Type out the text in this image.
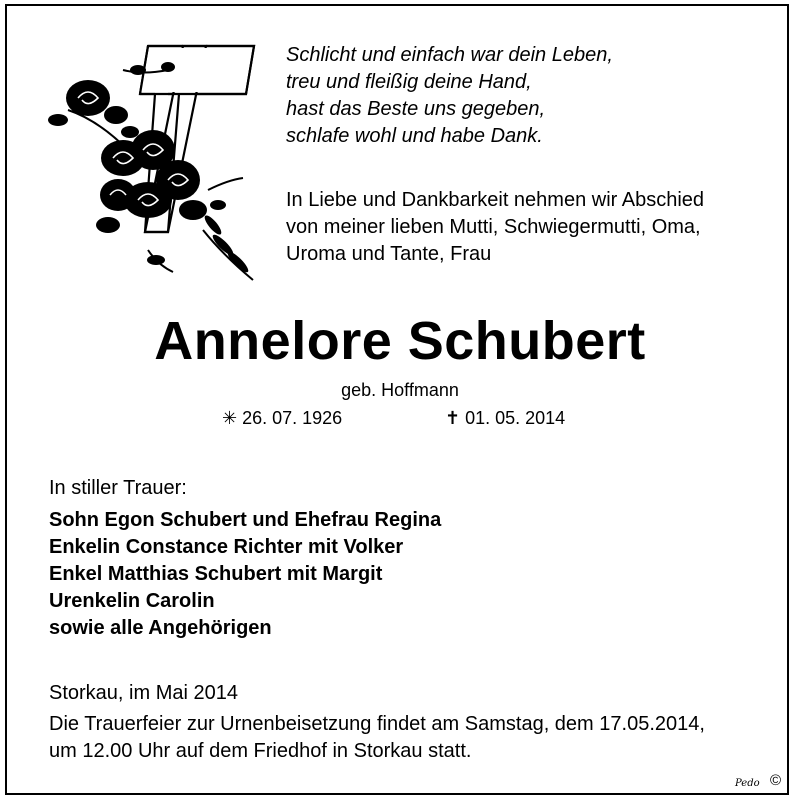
Schlicht und einfach war dein Leben,
treu und fleißig deine Hand,
hast das Beste uns gegeben,
schlafe wohl und habe Dank.
In Liebe und Dankbarkeit nehmen wir Abschied
von meiner lieben Mutti, Schwiegermutti, Oma,
Uroma und Tante, Frau
Annelore Schubert
geb. Hoffmann
✳ 26. 07. 1926	✝ 01. 05. 2014
In stiller Trauer:
Sohn Egon Schubert und Ehefrau Regina
Enkelin Constance Richter mit Volker
Enkel Matthias Schubert mit Margit
Urenkelin Carolin
sowie alle Angehörigen
Storkau, im Mai 2014
Die Trauerfeier zur Urnenbeisetzung findet am Samstag, dem 17.05.2014,
um 12.00 Uhr auf dem Friedhof in Storkau statt.
Pedo ©
